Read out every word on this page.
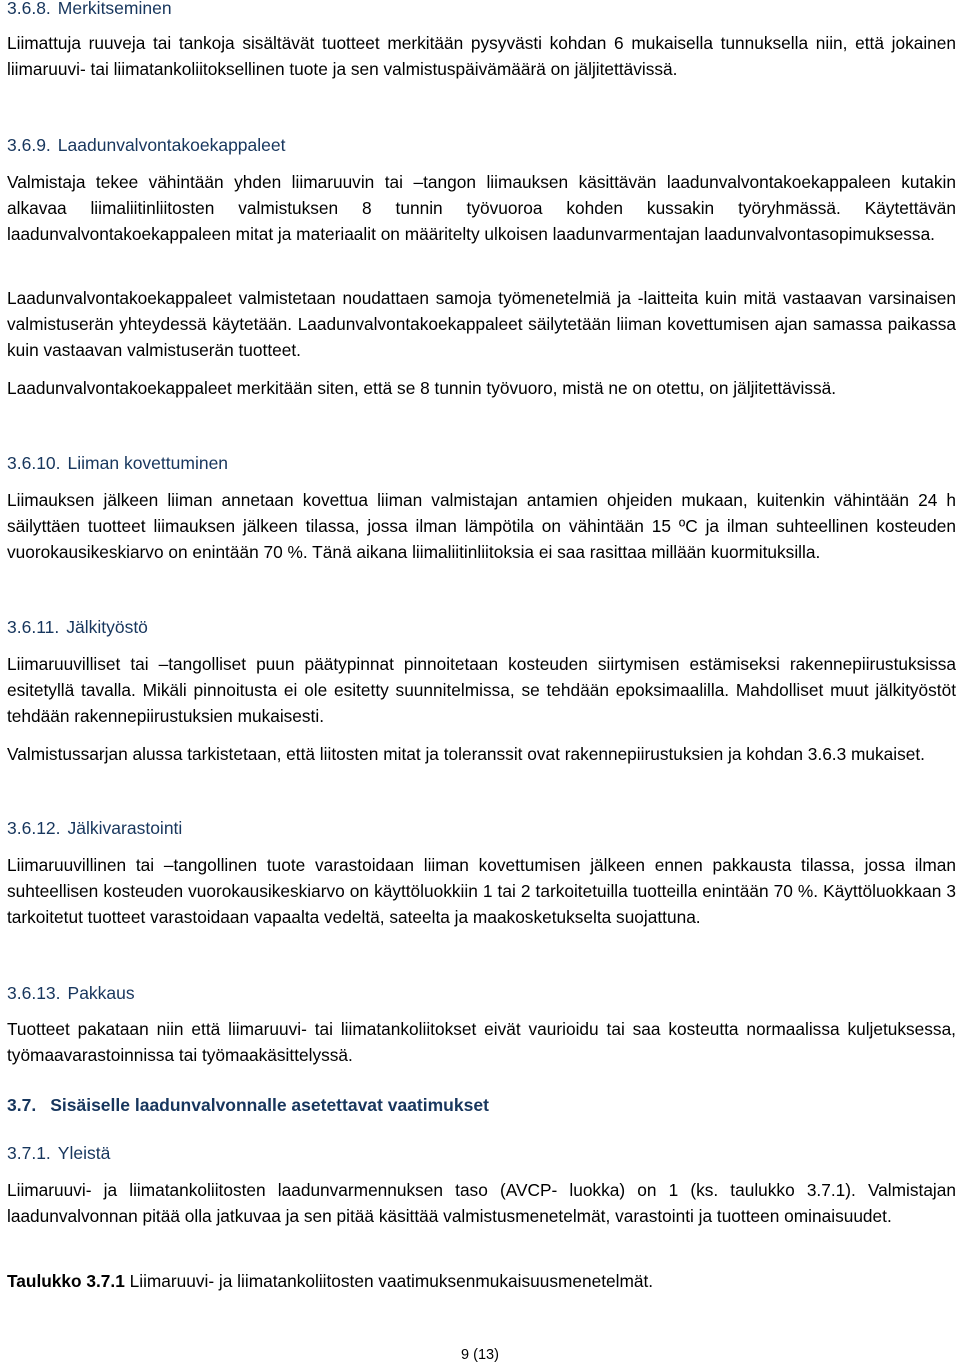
3.6.8. Merkitseminen

Liimattuja ruuveja tai tankoja sisältävät tuotteet merkitään pysyvästi kohdan 6 mukaisella tunnuksella niin, että jokainen liimaruuvi- tai liimatankoliitoksellinen tuote ja sen valmistuspäivämäärä on jäljitettävissä.

3.6.9. Laadunvalvontakoekappaleet

Valmistaja tekee vähintään yhden liimaruuvin tai –tangon liimauksen käsittävän laadunvalvontakoekappaleen kutakin alkavaa liimaliitinliitosten valmistuksen 8 tunnin työvuoroa kohden kussakin työryhmässä. Käytettävän laadunvalvontakoekappaleen mitat ja materiaalit on määritelty ulkoisen laadunvarmentajan laadunvalvontasopimuksessa.

Laadunvalvontakoekappaleet valmistetaan noudattaen samoja työmenetelmiä ja -laitteita kuin mitä vastaavan varsinaisen valmistuserän yhteydessä käytetään. Laadunvalvontakoekappaleet säilytetään liiman kovettumisen ajan samassa paikassa kuin vastaavan valmistuserän tuotteet.

Laadunvalvontakoekappaleet merkitään siten, että se 8 tunnin työvuoro, mistä ne on otettu, on jäljitettävissä.

3.6.10. Liiman kovettuminen

Liimauksen jälkeen liiman annetaan kovettua liiman valmistajan antamien ohjeiden mukaan, kuitenkin vähintään 24 h säilyttäen tuotteet liimauksen jälkeen tilassa, jossa ilman lämpötila on vähintään 15 ºC ja ilman suhteellinen kosteuden vuorokausikeskiarvo on enintään 70 %. Tänä aikana liimaliitinliitoksia ei saa rasittaa millään kuormituksilla.

3.6.11. Jälkityöstö

Liimaruuvilliset tai –tangolliset puun päätypinnat pinnoitetaan kosteuden siirtymisen estämiseksi rakennepiirustuksissa esitetyllä tavalla. Mikäli pinnoitusta ei ole esitetty suunnitelmissa, se tehdään epoksimaalilla. Mahdolliset muut jälkityöstöt tehdään rakennepiirustuksien mukaisesti.

Valmistussarjan alussa tarkistetaan, että liitosten mitat ja toleranssit ovat rakennepiirustuksien ja kohdan 3.6.3 mukaiset.

3.6.12. Jälkivarastointi

Liimaruuvillinen tai –tangollinen tuote varastoidaan liiman kovettumisen jälkeen ennen pakkausta tilassa, jossa ilman suhteellisen kosteuden vuorokausikeskiarvo on käyttöluokkiin 1 tai 2 tarkoitetuilla tuotteilla enintään 70 %. Käyttöluokkaan 3 tarkoitetut tuotteet varastoidaan vapaalta vedeltä, sateelta ja maakosketukselta suojattuna.

3.6.13. Pakkaus

Tuotteet pakataan niin että liimaruuvi- tai liimatankoliitokset eivät vaurioidu tai saa kosteutta normaalissa kuljetuksessa, työmaavarastoinnissa tai työmaakäsittelyssä.

3.7. Sisäiselle laadunvalvonnalle asetettavat vaatimukset
3.7.1. Yleistä

Liimaruuvi- ja liimatankoliitosten laadunvarmennuksen taso (AVCP- luokka) on 1 (ks. taulukko 3.7.1). Valmistajan laadunvalvonnan pitää olla jatkuvaa ja sen pitää käsittää valmistusmenetelmät, varastointi ja tuotteen ominaisuudet.

Taulukko 3.7.1 Liimaruuvi- ja liimatankoliitosten vaatimuksenmukaisuusmenetelmät.
9 (13)
